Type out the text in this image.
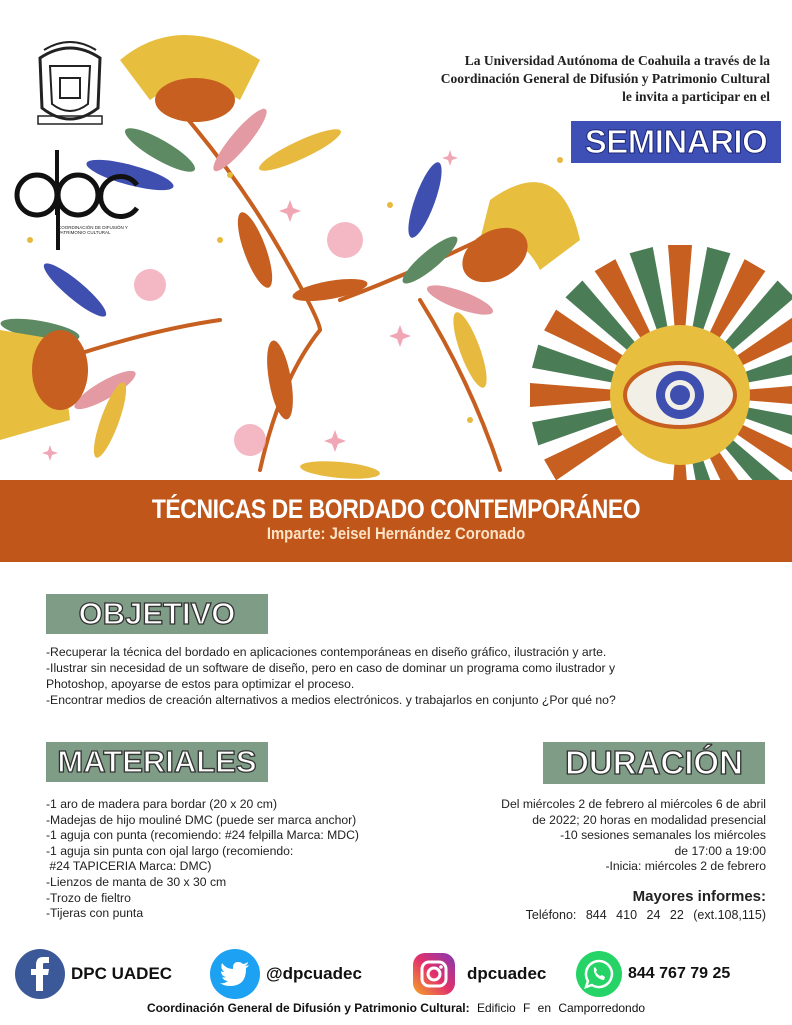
COORDINACIÓN DE DIFUSIÓN Y PATRIMONIO CULTURAL
La Universidad Autónoma de Coahuila a través de la
Coordinación General de Difusión y Patrimonio Cultural
le invita a participar en el
SEMINARIO
TÉCNICAS DE BORDADO CONTEMPORÁNEO
Imparte: Jeisel Hernández Coronado
OBJETIVO
-Recuperar la técnica del bordado en aplicaciones contemporáneas en diseño gráfico, ilustración y arte.
-Ilustrar sin necesidad de un software de diseño, pero en caso de dominar un programa como ilustrador y
Photoshop, apoyarse de estos para optimizar el proceso.
-Encontrar medios de creación alternativos a medios electrónicos. y trabajarlos en conjunto ¿Por qué no?
MATERIALES
-1 aro de madera para bordar (20 x 20 cm)
-Madejas de hijo mouliné DMC (puede ser marca anchor)
-1 aguja con punta (recomiendo: #24 felpilla Marca: MDC)
-1 aguja sin punta con ojal largo (recomiendo:
#24 TAPICERIA Marca: DMC)
-Lienzos de manta de 30 x 30 cm
-Trozo de fieltro
-Tijeras con punta
DURACIÓN
Del miércoles 2 de febrero al miércoles 6 de abril
de 2022; 20 horas en modalidad presencial
-10 sesiones semanales los miércoles
de 17:00 a 19:00
-Inicia: miércoles 2 de febrero
Mayores informes:
Teléfono: 844 410 24 22 (ext.108,115)
DPC UADEC	@dpcuadec	dpcuadec	844 767 79 25
Coordinación General de Difusión y Patrimonio Cultural: Edificio F en Camporredondo
